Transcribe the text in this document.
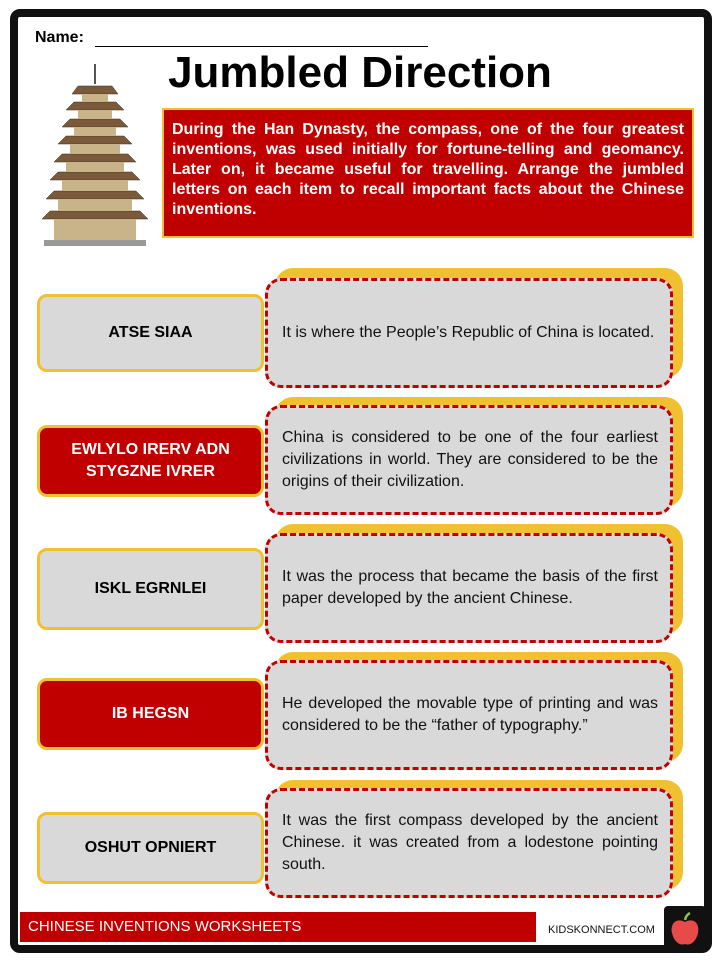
Name:
Jumbled Direction
During the Han Dynasty, the compass, one of the four greatest inventions, was used initially for fortune-telling and geomancy. Later on, it became useful for travelling. Arrange the jumbled letters on each item to recall important facts about the Chinese inventions.
It is where the People’s Republic of China is located.
ATSE SIAA
China is considered to be one of the four earliest civilizations in world. They are considered to be the origins of their civilization.
EWLYLO IRERV ADN STYGZNE IVRER
It was the process that became the basis of the first paper developed by the ancient Chinese.
ISKL EGRNLEI
He developed the movable type of printing and was considered to be the “father of typography.”
IB HEGSN
It was the first compass developed by the ancient Chinese. it was created from a lodestone pointing south.
OSHUT OPNIERT
CHINESE INVENTIONS WORKSHEETS	KIDSKONNECT.COM
